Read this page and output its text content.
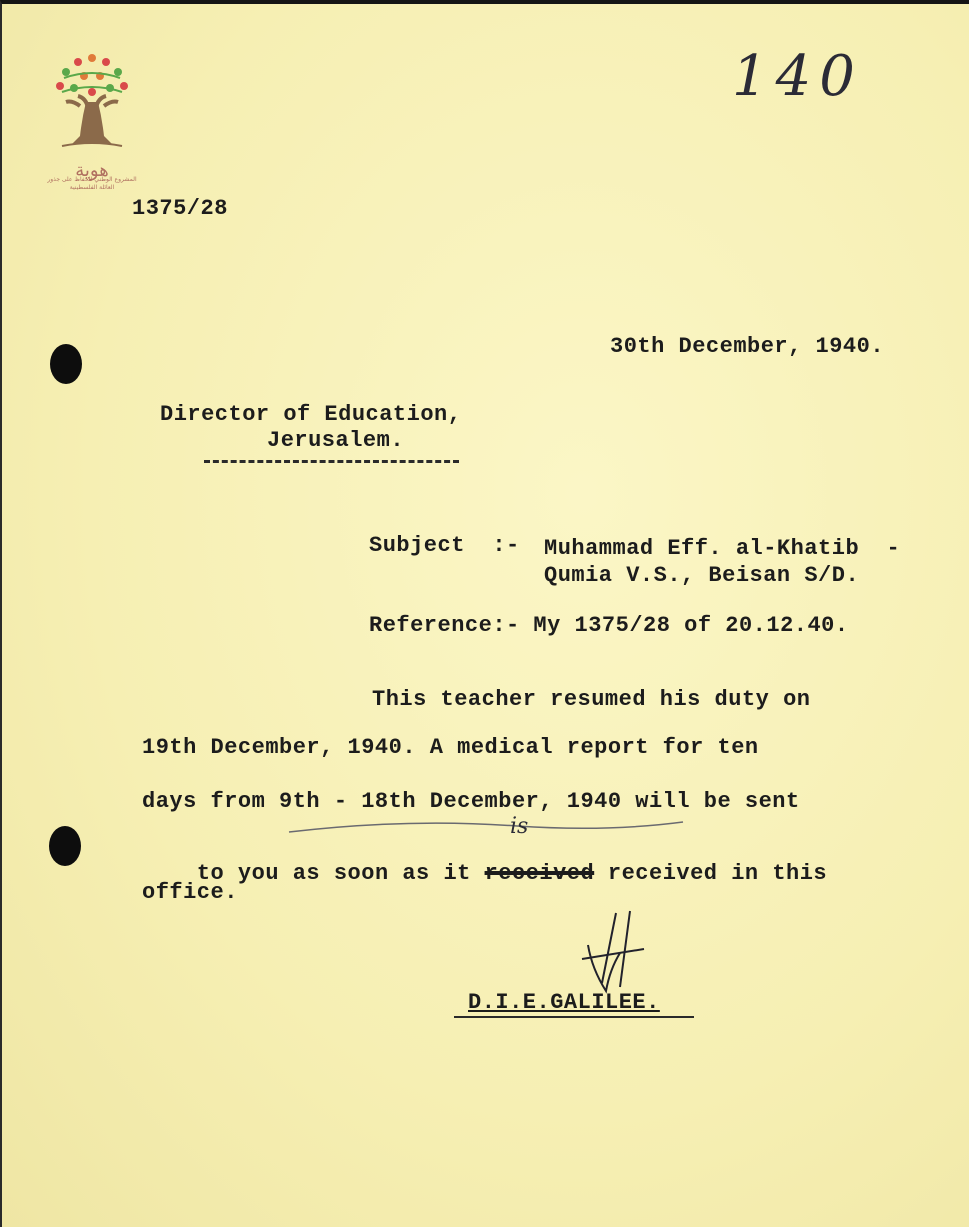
هوية
المشروع الوطني للحفاظ على جذور العائلة الفلسطينية
140
1375/28
30th December, 1940.
Director of Education,
Jerusalem.
Subject  :- Muhammad Eff. al-Khatib  -
Qumia V.S., Beisan S/D.
Reference:- My 1375/28 of 20.12.40.
This teacher resumed his duty on
19th December, 1940. A medical report for ten
days from 9th - 18th December, 1940 will be sent

to you as soon as it received received in this

is
office.
D.I.E.GALILEE.
